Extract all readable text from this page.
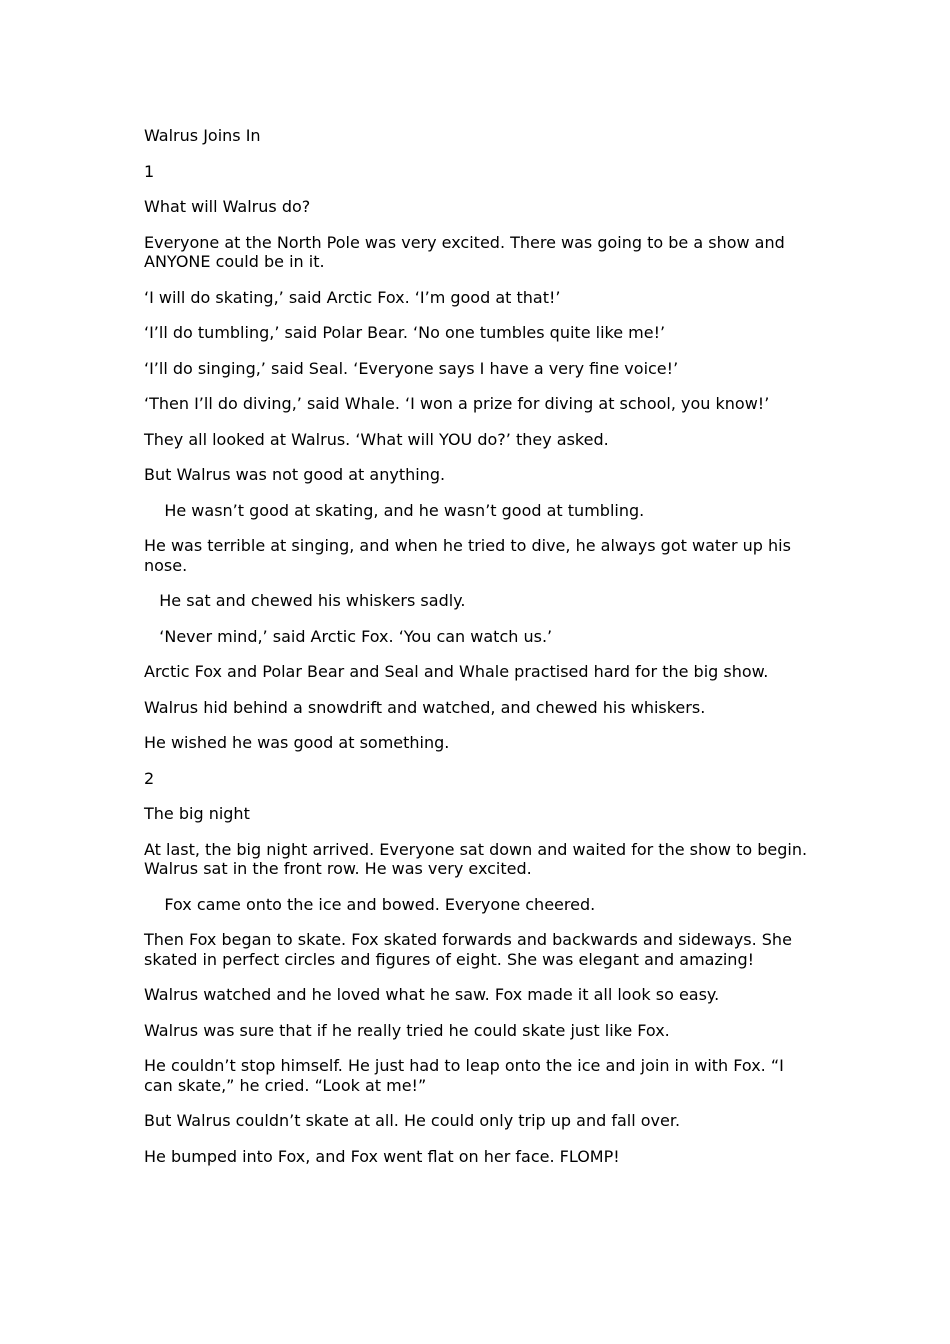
Walrus Joins In

1

What will Walrus do?

Everyone at the North Pole was very excited. There was going to be a show and ANYONE could be in it.

‘I will do skating,’ said Arctic Fox. ‘I’m good at that!’

‘I’ll do tumbling,’ said Polar Bear. ‘No one tumbles quite like me!’

‘I’ll do singing,’ said Seal. ‘Everyone says I have a very fine voice!’

‘Then I’ll do diving,’ said Whale. ‘I won a prize for diving at school, you know!’

They all looked at Walrus. ‘What will YOU do?’ they asked.

But Walrus was not good at anything.

He wasn’t good at skating, and he wasn’t good at tumbling.

He was terrible at singing, and when he tried to dive, he always got water up his nose.

He sat and chewed his whiskers sadly.

‘Never mind,’ said Arctic Fox. ‘You can watch us.’

Arctic Fox and Polar Bear and Seal and Whale practised hard for the big show.

Walrus hid behind a snowdrift and watched, and chewed his whiskers.

He wished he was good at something.

2

The big night

At last, the big night arrived. Everyone sat down and waited for the show to begin. Walrus sat in the front row. He was very excited.

Fox came onto the ice and bowed. Everyone cheered.

Then Fox began to skate. Fox skated forwards and backwards and sideways. She skated in perfect circles and figures of eight. She was elegant and amazing!

Walrus watched and he loved what he saw. Fox made it all look so easy.

Walrus was sure that if he really tried he could skate just like Fox.

He couldn’t stop himself. He just had to leap onto the ice and join in with Fox. “I can skate,” he cried. “Look at me!”

But Walrus couldn’t skate at all. He could only trip up and fall over.

He bumped into Fox, and Fox went flat on her face. FLOMP!
